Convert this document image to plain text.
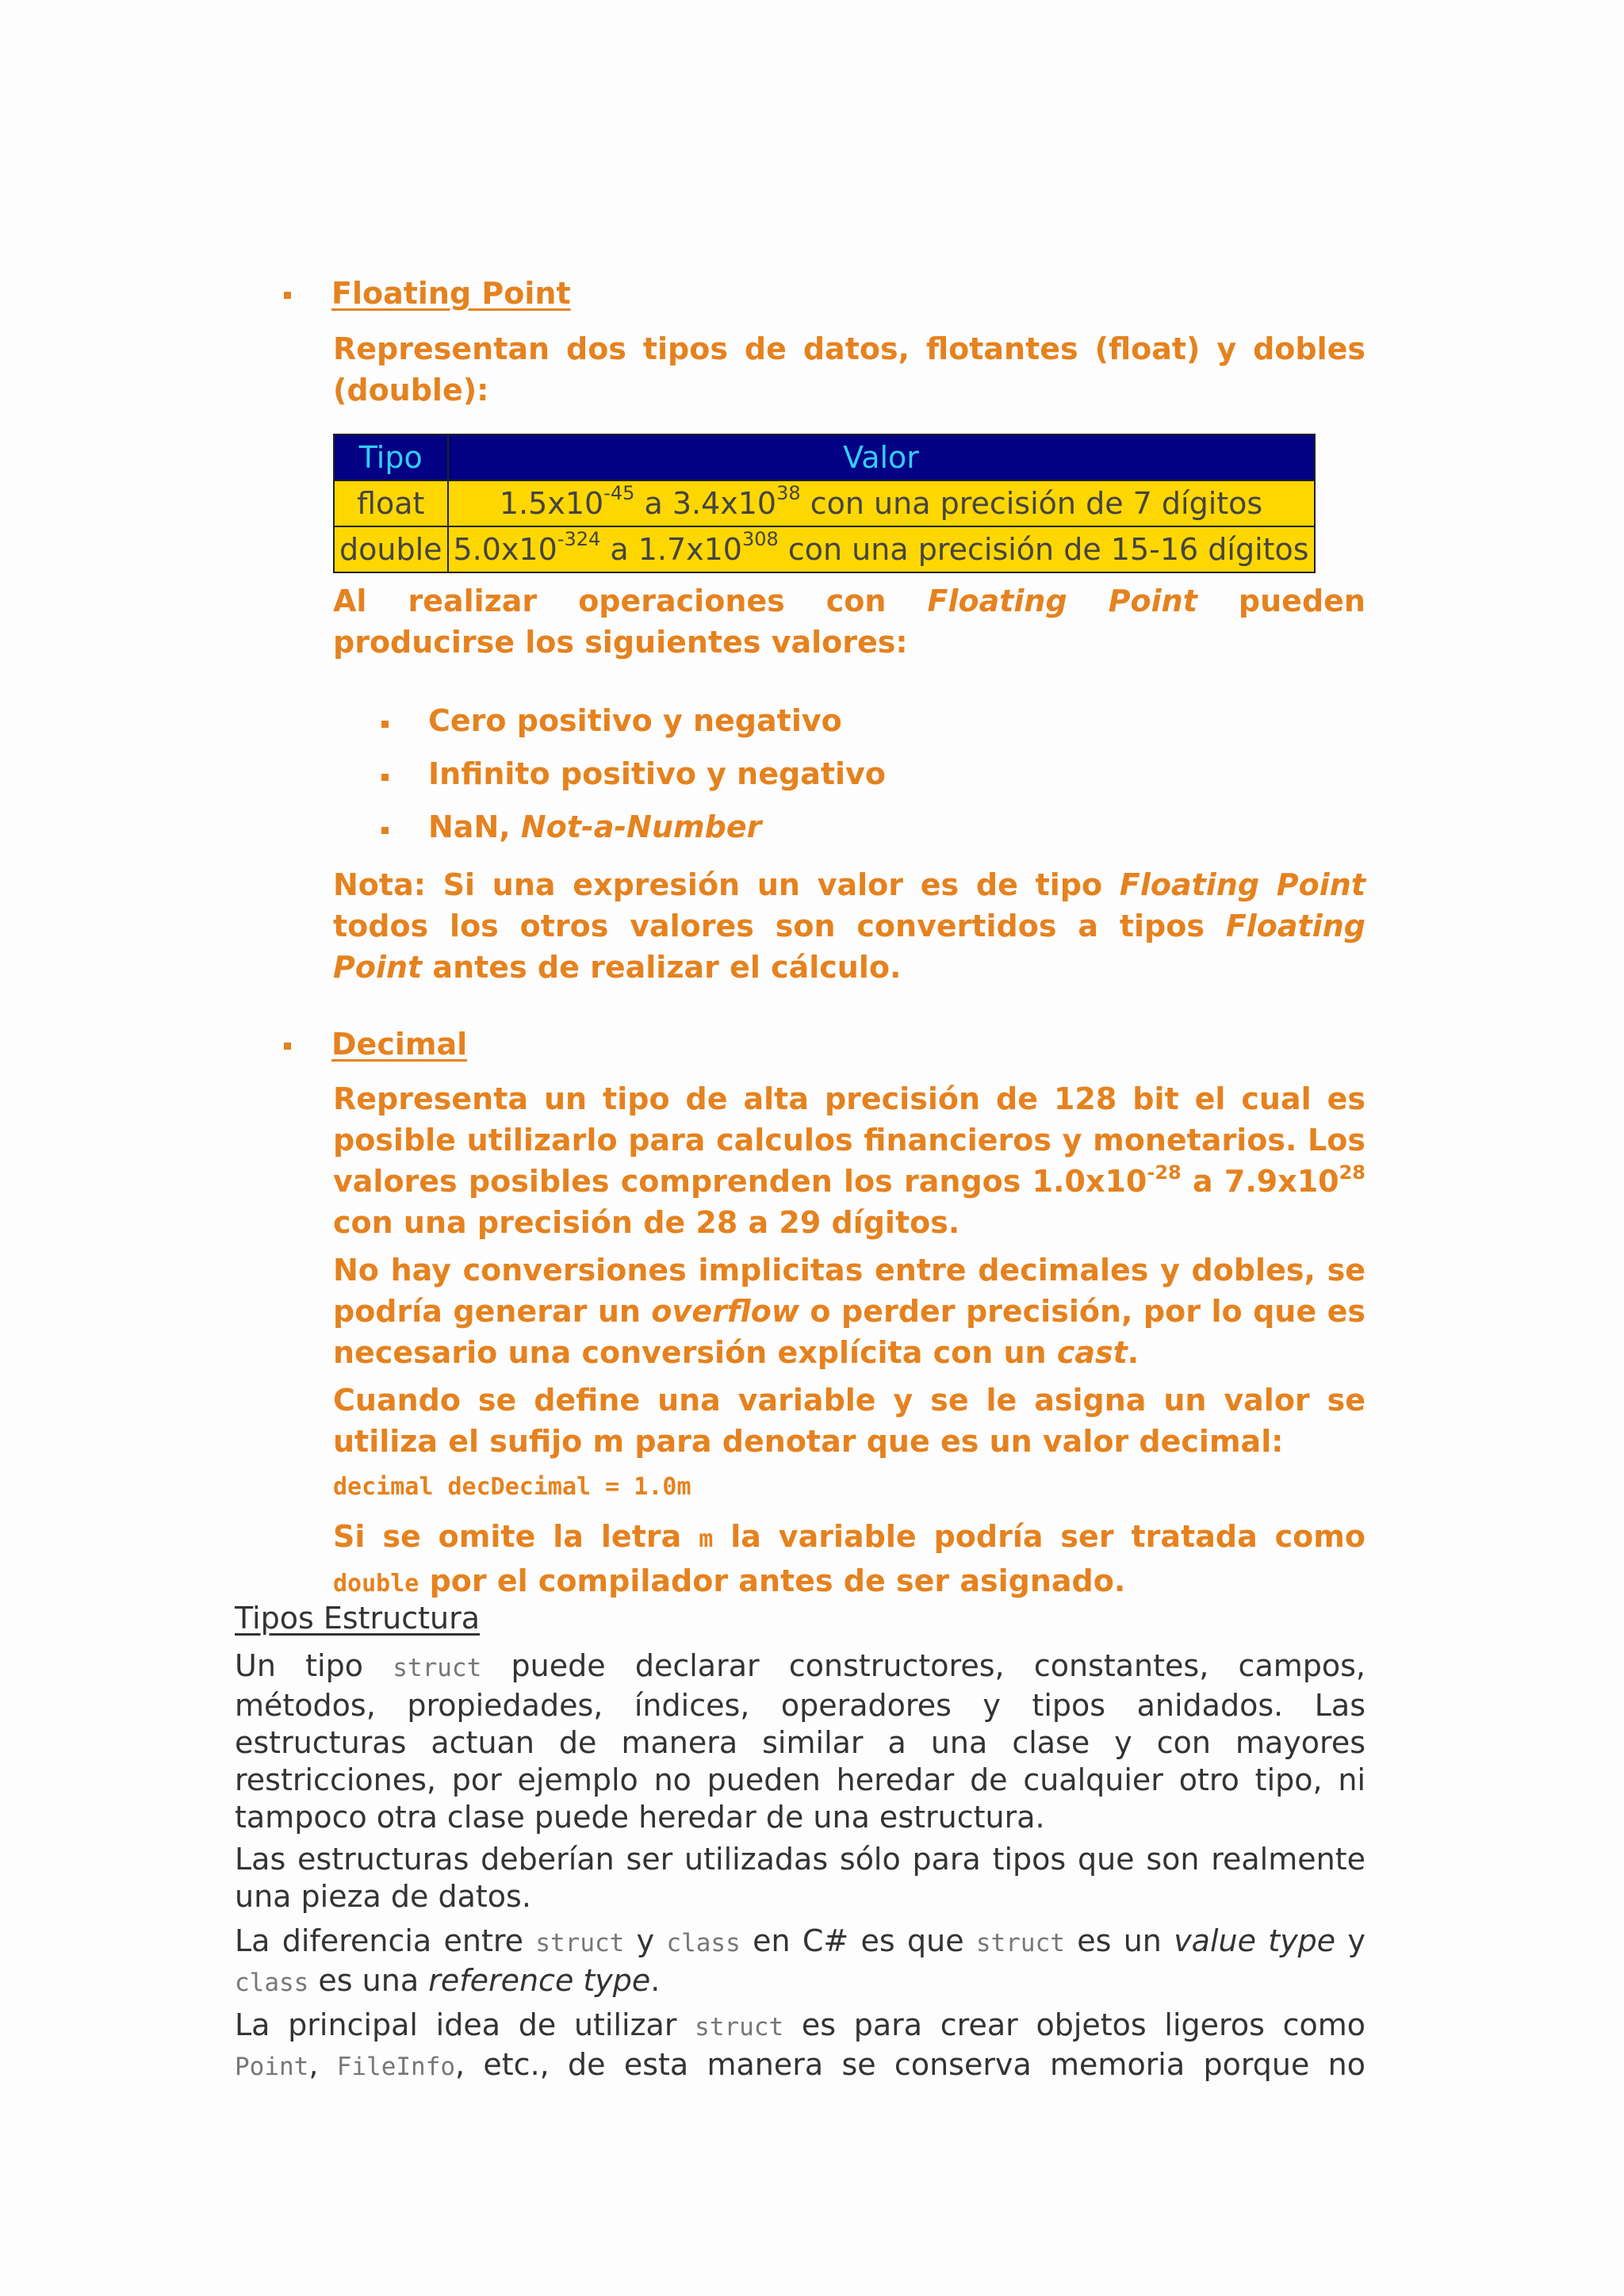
Floating Point
Representan dos tipos de datos, flotantes (float) y dobles (double):
Tipo	Valor
float	$1.5x10^{-45}$ a $3.4x10^{38}$ con una precisión de 7 dígitos
double	$5.0x10^{-324}$ a $1.7x10^{308}$ con una precisión de 15-16 dígitos
Al realizar operaciones con Floating Point pueden producirse los siguientes valores:
Cero positivo y negativo
Infinito positivo y negativo
NaN, Not-a-Number
Nota: Si una expresión un valor es de tipo Floating Point todos los otros valores son convertidos a tipos Floating Point antes de realizar el cálculo.
Decimal
Representa un tipo de alta precisión de 128 bit el cual es posible utilizarlo para calculos financieros y monetarios. Los valores posibles comprenden los rangos $1.0x10^{-28}$ a $7.9x10^{28}$ con una precisión de 28 a 29 dígitos.
No hay conversiones implicitas entre decimales y dobles, se podría generar un overflow o perder precisión, por lo que es necesario una conversión explícita con un cast.
Cuando se define una variable y se le asigna un valor se utiliza el sufijo m para denotar que es un valor decimal:
decimal decDecimal = 1.0m
Si se omite la letra m la variable podría ser tratada como double por el compilador antes de ser asignado.
Tipos Estructura
Un tipo struct puede declarar constructores, constantes, campos, métodos, propiedades, índices, operadores y tipos anidados. Las estructuras actuan de manera similar a una clase y con mayores restricciones, por ejemplo no pueden heredar de cualquier otro tipo, ni tampoco otra clase puede heredar de una estructura.
Las estructuras deberían ser utilizadas sólo para tipos que son realmente una pieza de datos.
La diferencia entre struct y class en C# es que struct es un value type y class es una reference type.
La principal idea de utilizar struct es para crear objetos ligeros como Point, FileInfo, etc., de esta manera se conserva memoria porque no
